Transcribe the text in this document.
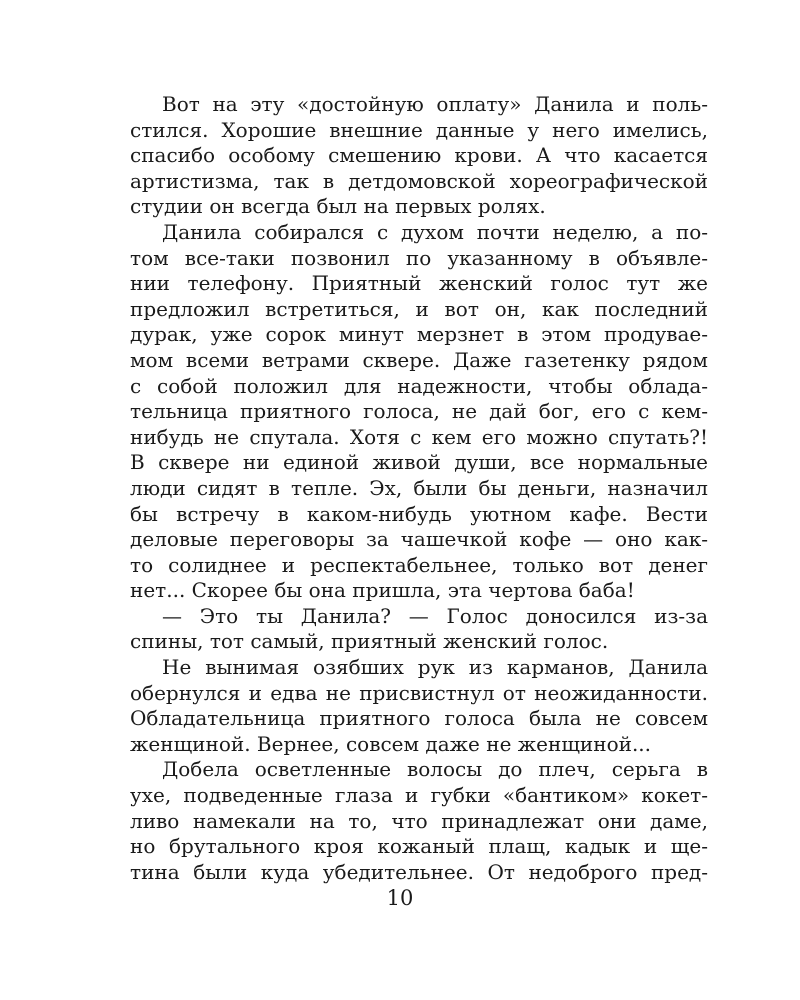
Вот на эту «достойную оплату» Данила и поль-
стился. Хорошие внешние данные у него имелись,
спасибо особому смешению крови. А что касается
артистизма, так в детдомовской хореографической
студии он всегда был на первых ролях.
Данила собирался с духом почти неделю, а по-
том все-таки позвонил по указанному в объявле-
нии телефону. Приятный женский голос тут же
предложил встретиться, и вот он, как последний
дурак, уже сорок минут мерзнет в этом продувае-
мом всеми ветрами сквере. Даже газетенку рядом
с собой положил для надежности, чтобы облада-
тельница приятного голоса, не дай бог, его с кем-
нибудь не спутала. Хотя с кем его можно спутать?!
В сквере ни единой живой души, все нормальные
люди сидят в тепле. Эх, были бы деньги, назначил
бы встречу в каком-нибудь уютном кафе. Вести
деловые переговоры за чашечкой кофе — оно как-
то солиднее и респектабельнее, только вот денег
нет... Скорее бы она пришла, эта чертова баба!
— Это ты Данила? — Голос доносился из-за
спины, тот самый, приятный женский голос.
Не вынимая озябших рук из карманов, Данила
обернулся и едва не присвистнул от неожиданности.
Обладательница приятного голоса была не совсем
женщиной. Вернее, совсем даже не женщиной...
Добела осветленные волосы до плеч, серьга в
ухе, подведенные глаза и губки «бантиком» кокет-
ливо намекали на то, что принадлежат они даме,
но брутального кроя кожаный плащ, кадык и ще-
тина были куда убедительнее. От недоброго пред-
10
